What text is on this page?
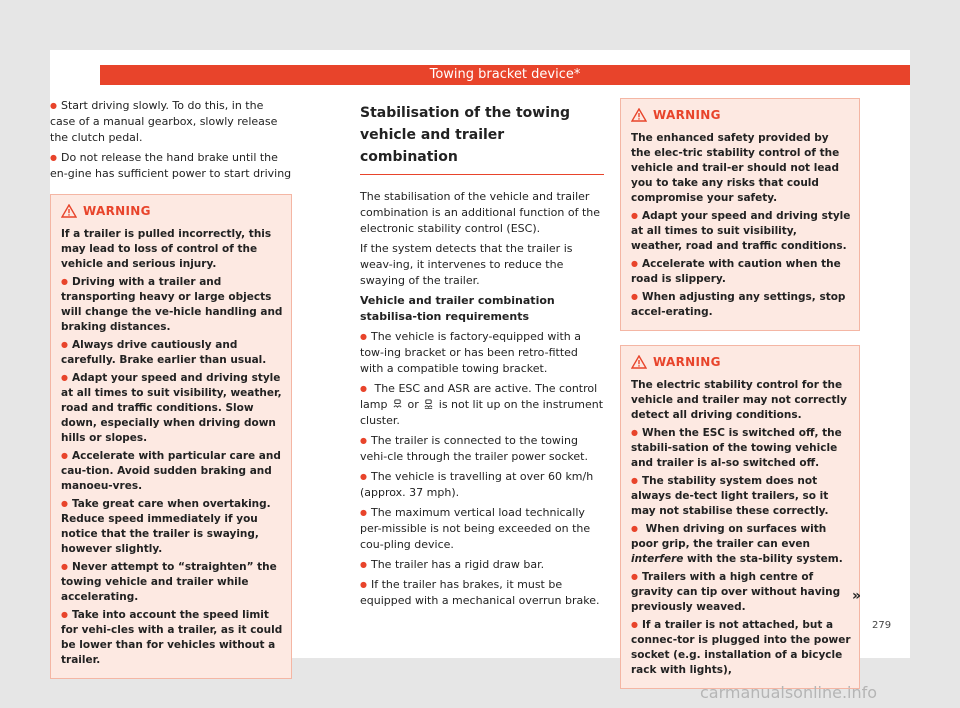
Towing bracket device*

● Start driving slowly. To do this, in the case of a manual gearbox, slowly release the clutch pedal.

● Do not release the hand brake until the en-gine has sufficient power to start driving

WARNING

If a trailer is pulled incorrectly, this may lead to loss of control of the vehicle and serious injury.

● Driving with a trailer and transporting heavy or large objects will change the ve-hicle handling and braking distances.

● Always drive cautiously and carefully. Brake earlier than usual.

● Adapt your speed and driving style at all times to suit visibility, weather, road and traffic conditions. Slow down, especially when driving down hills or slopes.

● Accelerate with particular care and cau-tion. Avoid sudden braking and manoeu-vres.

● Take great care when overtaking. Reduce speed immediately if you notice that the trailer is swaying, however slightly.

● Never attempt to “straighten” the towing vehicle and trailer while accelerating.

● Take into account the speed limit for vehi-cles with a trailer, as it could be lower than for vehicles without a trailer.

Stabilisation of the towing vehicle and trailer combination

The stabilisation of the vehicle and trailer combination is an additional function of the electronic stability control (ESC).

If the system detects that the trailer is weav-ing, it intervenes to reduce the swaying of the trailer.

Vehicle and trailer combination stabilisa-tion requirements

● The vehicle is factory-equipped with a tow-ing bracket or has been retro-fitted with a compatible towing bracket.

● The ESC and ASR are active. The control lamp or is not lit up on the instrument cluster.

● The trailer is connected to the towing vehi-cle through the trailer power socket.

● The vehicle is travelling at over 60 km/h (approx. 37 mph).

● The maximum vertical load technically per-missible is not being exceeded on the cou-pling device.

● The trailer has a rigid draw bar.

● If the trailer has brakes, it must be equipped with a mechanical overrun brake.

WARNING

The enhanced safety provided by the elec-tric stability control of the vehicle and trail-er should not lead you to take any risks that could compromise your safety.

● Adapt your speed and driving style at all times to suit visibility, weather, road and traffic conditions.

● Accelerate with caution when the road is slippery.

● When adjusting any settings, stop accel-erating.

WARNING

The electric stability control for the vehicle and trailer may not correctly detect all driving conditions.

● When the ESC is switched off, the stabili-sation of the towing vehicle and trailer is al-so switched off.

● The stability system does not always de-tect light trailers, so it may not stabilise these correctly.

● When driving on surfaces with poor grip, the trailer can even interfere with the sta-bility system.

● Trailers with a high centre of gravity can tip over without having previously weaved.

● If a trailer is not attached, but a connec-tor is plugged into the power socket (e.g. installation of a bicycle rack with lights),

»
279
carmanualsonline.info
